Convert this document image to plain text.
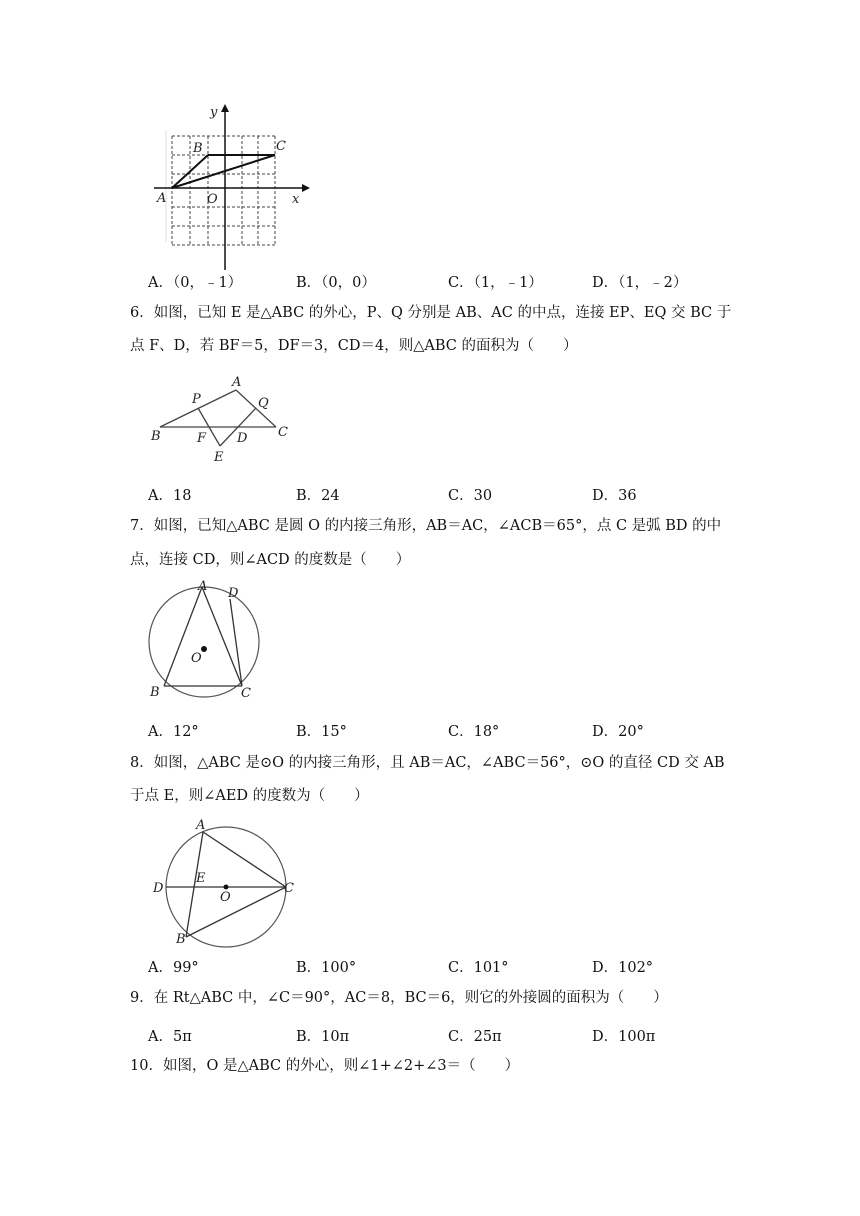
y
x
A
B	C
O
A．（0，﹣1）	B．（0，0）	C．（1，﹣1）	D．（1，﹣2）
6．如图，已知 E 是△ABC 的外心，P、Q 分别是 AB、AC 的中点，连接 EP、EQ 交 BC 于
点 F、D，若 BF＝5，DF＝3，CD＝4，则△ABC 的面积为（　　）
A
P	Q
B	F D C
E
A．18	B．24	C．30	D．36
7．如图，已知△ABC 是圆 O 的内接三角形，AB＝AC，∠ACB＝65°，点 C 是弧 BD 的中
点，连接 CD，则∠ACD 的度数是（　　）
A D
O
B	C
A．12°	B．15°	C．18°	D．20°
8．如图，△ABC 是⊙O 的内接三角形，且 AB＝AC，∠ABC＝56°，⊙O 的直径 CD 交 AB
于点 E，则∠AED 的度数为（　　）
A
D
E
O
C
B
A．99°	B．100°	C．101°	D．102°
9．在 Rt△ABC 中，∠C＝90°，AC＝8，BC＝6，则它的外接圆的面积为（　　）
A．5π	B．10π	C．25π	D．100π
10．如图，O 是△ABC 的外心，则∠1+∠2+∠3＝（　　）
